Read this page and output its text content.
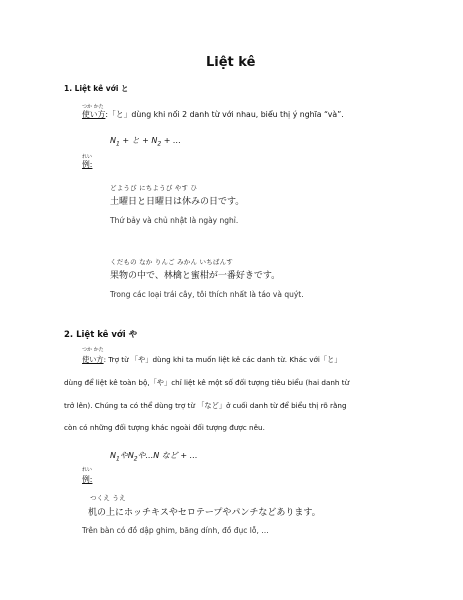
Liệt kê
1. Liệt kê với と
つか かた
使い方:「と」dùng khi nối 2 danh từ với nhau, biểu thị ý nghĩa “và”.
$N_1$ + と + $N_2$ + …
れい
例:
どようび にちようび やす ひ
土曜日と日曜日は休みの日です。
Thứ bảy và chủ nhật là ngày nghỉ.
くだもの なか りんご みかん いちばんす
果物の中で、林檎と蜜柑が一番好きです。
Trong các loại trái cây, tôi thích nhất là táo và quýt.
2. Liệt kê với や
つか かた
使い方: Trợ từ 「や」dùng khi ta muốn liệt kê các danh từ. Khác với「と」
dùng để liệt kê toàn bộ,「や」chỉ liệt kê một số đối tượng tiêu biểu (hai danh từ
trở lên). Chúng ta có thể dùng trợ từ 「など」ở cuối danh từ để biểu thị rõ rằng
còn có những đối tượng khác ngoài đối tượng được nêu.
$N_1$や$N_2$や...N など + …
れい
例:
つくえ うえ
机の上にホッチキスやセロテープやパンチなどあります。
Trên bàn có đồ dập ghim, băng dính, đồ đục lỗ, …
